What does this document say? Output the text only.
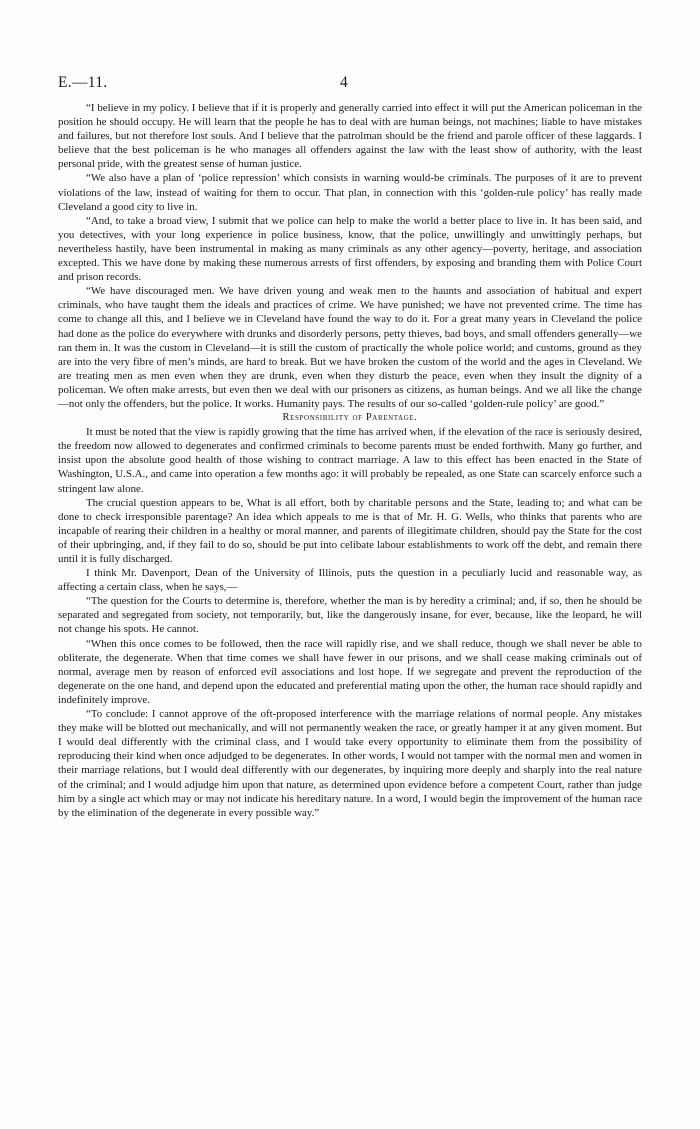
E.—11.	4

“I believe in my policy. I believe that if it is properly and generally carried into effect it will put the American policeman in the position he should occupy. He will learn that the people he has to deal with are human beings, not machines; liable to have mistakes and failures, but not therefore lost souls. And I believe that the patrolman should be the friend and parole officer of these laggards. I believe that the best policeman is he who manages all offenders against the law with the least show of authority, with the least personal pride, with the greatest sense of human justice.

“We also have a plan of ‘police repression’ which consists in warning would-be criminals. The purposes of it are to prevent violations of the law, instead of waiting for them to occur. That plan, in connection with this ‘golden-rule policy’ has really made Cleveland a good city to live in.

“And, to take a broad view, I submit that we police can help to make the world a better place to live in. It has been said, and you detectives, with your long experience in police business, know, that the police, unwillingly and unwittingly perhaps, but nevertheless hastily, have been instrumental in making as many criminals as any other agency—poverty, heritage, and association excepted. This we have done by making these numerous arrests of first offenders, by exposing and branding them with Police Court and prison records.

“We have discouraged men. We have driven young and weak men to the haunts and association of habitual and expert criminals, who have taught them the ideals and practices of crime. We have punished; we have not prevented crime. The time has come to change all this, and I believe we in Cleveland have found the way to do it. For a great many years in Cleveland the police had done as the police do everywhere with drunks and disorderly persons, petty thieves, bad boys, and small offenders generally—we ran them in. It was the custom in Cleveland—it is still the custom of practically the whole police world; and customs, ground as they are into the very fibre of men’s minds, are hard to break. But we have broken the custom of the world and the ages in Cleveland. We are treating men as men even when they are drunk, even when they disturb the peace, even when they insult the dignity of a policeman. We often make arrests, but even then we deal with our prisoners as citizens, as human beings. And we all like the change—not only the offenders, but the police. It works. Humanity pays. The results of our so-called ‘golden-rule policy’ are good.”

Responsibility of Parentage.

It must be noted that the view is rapidly growing that the time has arrived when, if the elevation of the race is seriously desired, the freedom now allowed to degenerates and confirmed criminals to become parents must be ended forthwith. Many go further, and insist upon the absolute good health of those wishing to contract marriage. A law to this effect has been enacted in the State of Washington, U.S.A., and came into operation a few months ago: it will probably be repealed, as one State can scarcely enforce such a stringent law alone.

The crucial question appears to be, What is all effort, both by charitable persons and the State, leading to; and what can be done to check irresponsible parentage? An idea which appeals to me is that of Mr. H. G. Wells, who thinks that parents who are incapable of rearing their children in a healthy or moral manner, and parents of illegitimate children, should pay the State for the cost of their upbringing, and, if they fail to do so, should be put into celibate labour establishments to work off the debt, and remain there until it is fully discharged.

I think Mr. Davenport, Dean of the University of Illinois, puts the question in a peculiarly lucid and reasonable way, as affecting a certain class, when he says,—

“The question for the Courts to determine is, therefore, whether the man is by heredity a criminal; and, if so, then he should be separated and segregated from society, not temporarily, but, like the dangerously insane, for ever, because, like the leopard, he will not change his spots. He cannot.

“When this once comes to be followed, then the race will rapidly rise, and we shall reduce, though we shall never be able to obliterate, the degenerate. When that time comes we shall have fewer in our prisons, and we shall cease making criminals out of normal, average men by reason of enforced evil associations and lost hope. If we segregate and prevent the reproduction of the degenerate on the one hand, and depend upon the educated and preferential mating upon the other, the human race should rapidly and indefinitely improve.

“To conclude: I cannot approve of the oft-proposed interference with the marriage relations of normal people. Any mistakes they make will be blotted out mechanically, and will not permanently weaken the race, or greatly hamper it at any given moment. But I would deal differently with the criminal class, and I would take every opportunity to eliminate them from the possibility of reproducing their kind when once adjudged to be degenerates. In other words, I would not tamper with the normal men and women in their marriage relations, but I would deal differently with our degenerates, by inquiring more deeply and sharply into the real nature of the criminal; and I would adjudge him upon that nature, as determined upon evidence before a competent Court, rather than judge him by a single act which may or may not indicate his hereditary nature. In a word, I would begin the improvement of the human race by the elimination of the degenerate in every possible way.”
